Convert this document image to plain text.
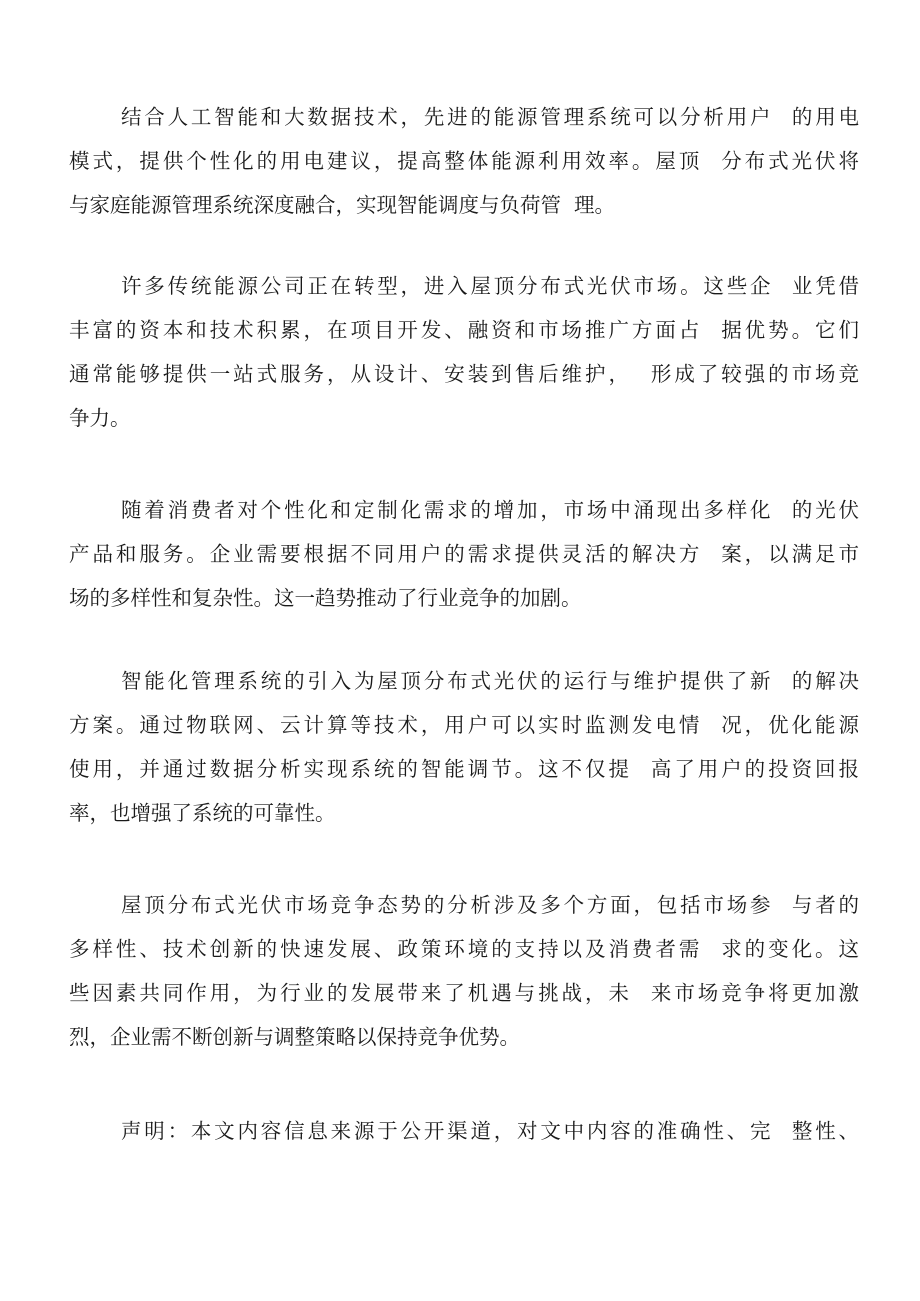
结合人工智能和大数据技术，先进的能源管理系统可以分析用户  的用电
模式，提供个性化的用电建议，提高整体能源利用效率。屋顶  分布式光伏将
与家庭能源管理系统深度融合，实现智能调度与负荷管  理。
许多传统能源公司正在转型，进入屋顶分布式光伏市场。这些企  业凭借
丰富的资本和技术积累，在项目开发、融资和市场推广方面占  据优势。它们
通常能够提供一站式服务，从设计、安装到售后维护，  形成了较强的市场竞
争力。
随着消费者对个性化和定制化需求的增加，市场中涌现出多样化  的光伏
产品和服务。企业需要根据不同用户的需求提供灵活的解决方  案，以满足市
场的多样性和复杂性。这一趋势推动了行业竞争的加剧。
智能化管理系统的引入为屋顶分布式光伏的运行与维护提供了新  的解决
方案。通过物联网、云计算等技术，用户可以实时监测发电情  况，优化能源
使用，并通过数据分析实现系统的智能调节。这不仅提  高了用户的投资回报
率，也增强了系统的可靠性。
屋顶分布式光伏市场竞争态势的分析涉及多个方面，包括市场参  与者的
多样性、技术创新的快速发展、政策环境的支持以及消费者需  求的变化。这
些因素共同作用，为行业的发展带来了机遇与挑战，未  来市场竞争将更加激
烈，企业需不断创新与调整策略以保持竞争优势。
声明：本文内容信息来源于公开渠道，对文中内容的准确性、完  整性、
